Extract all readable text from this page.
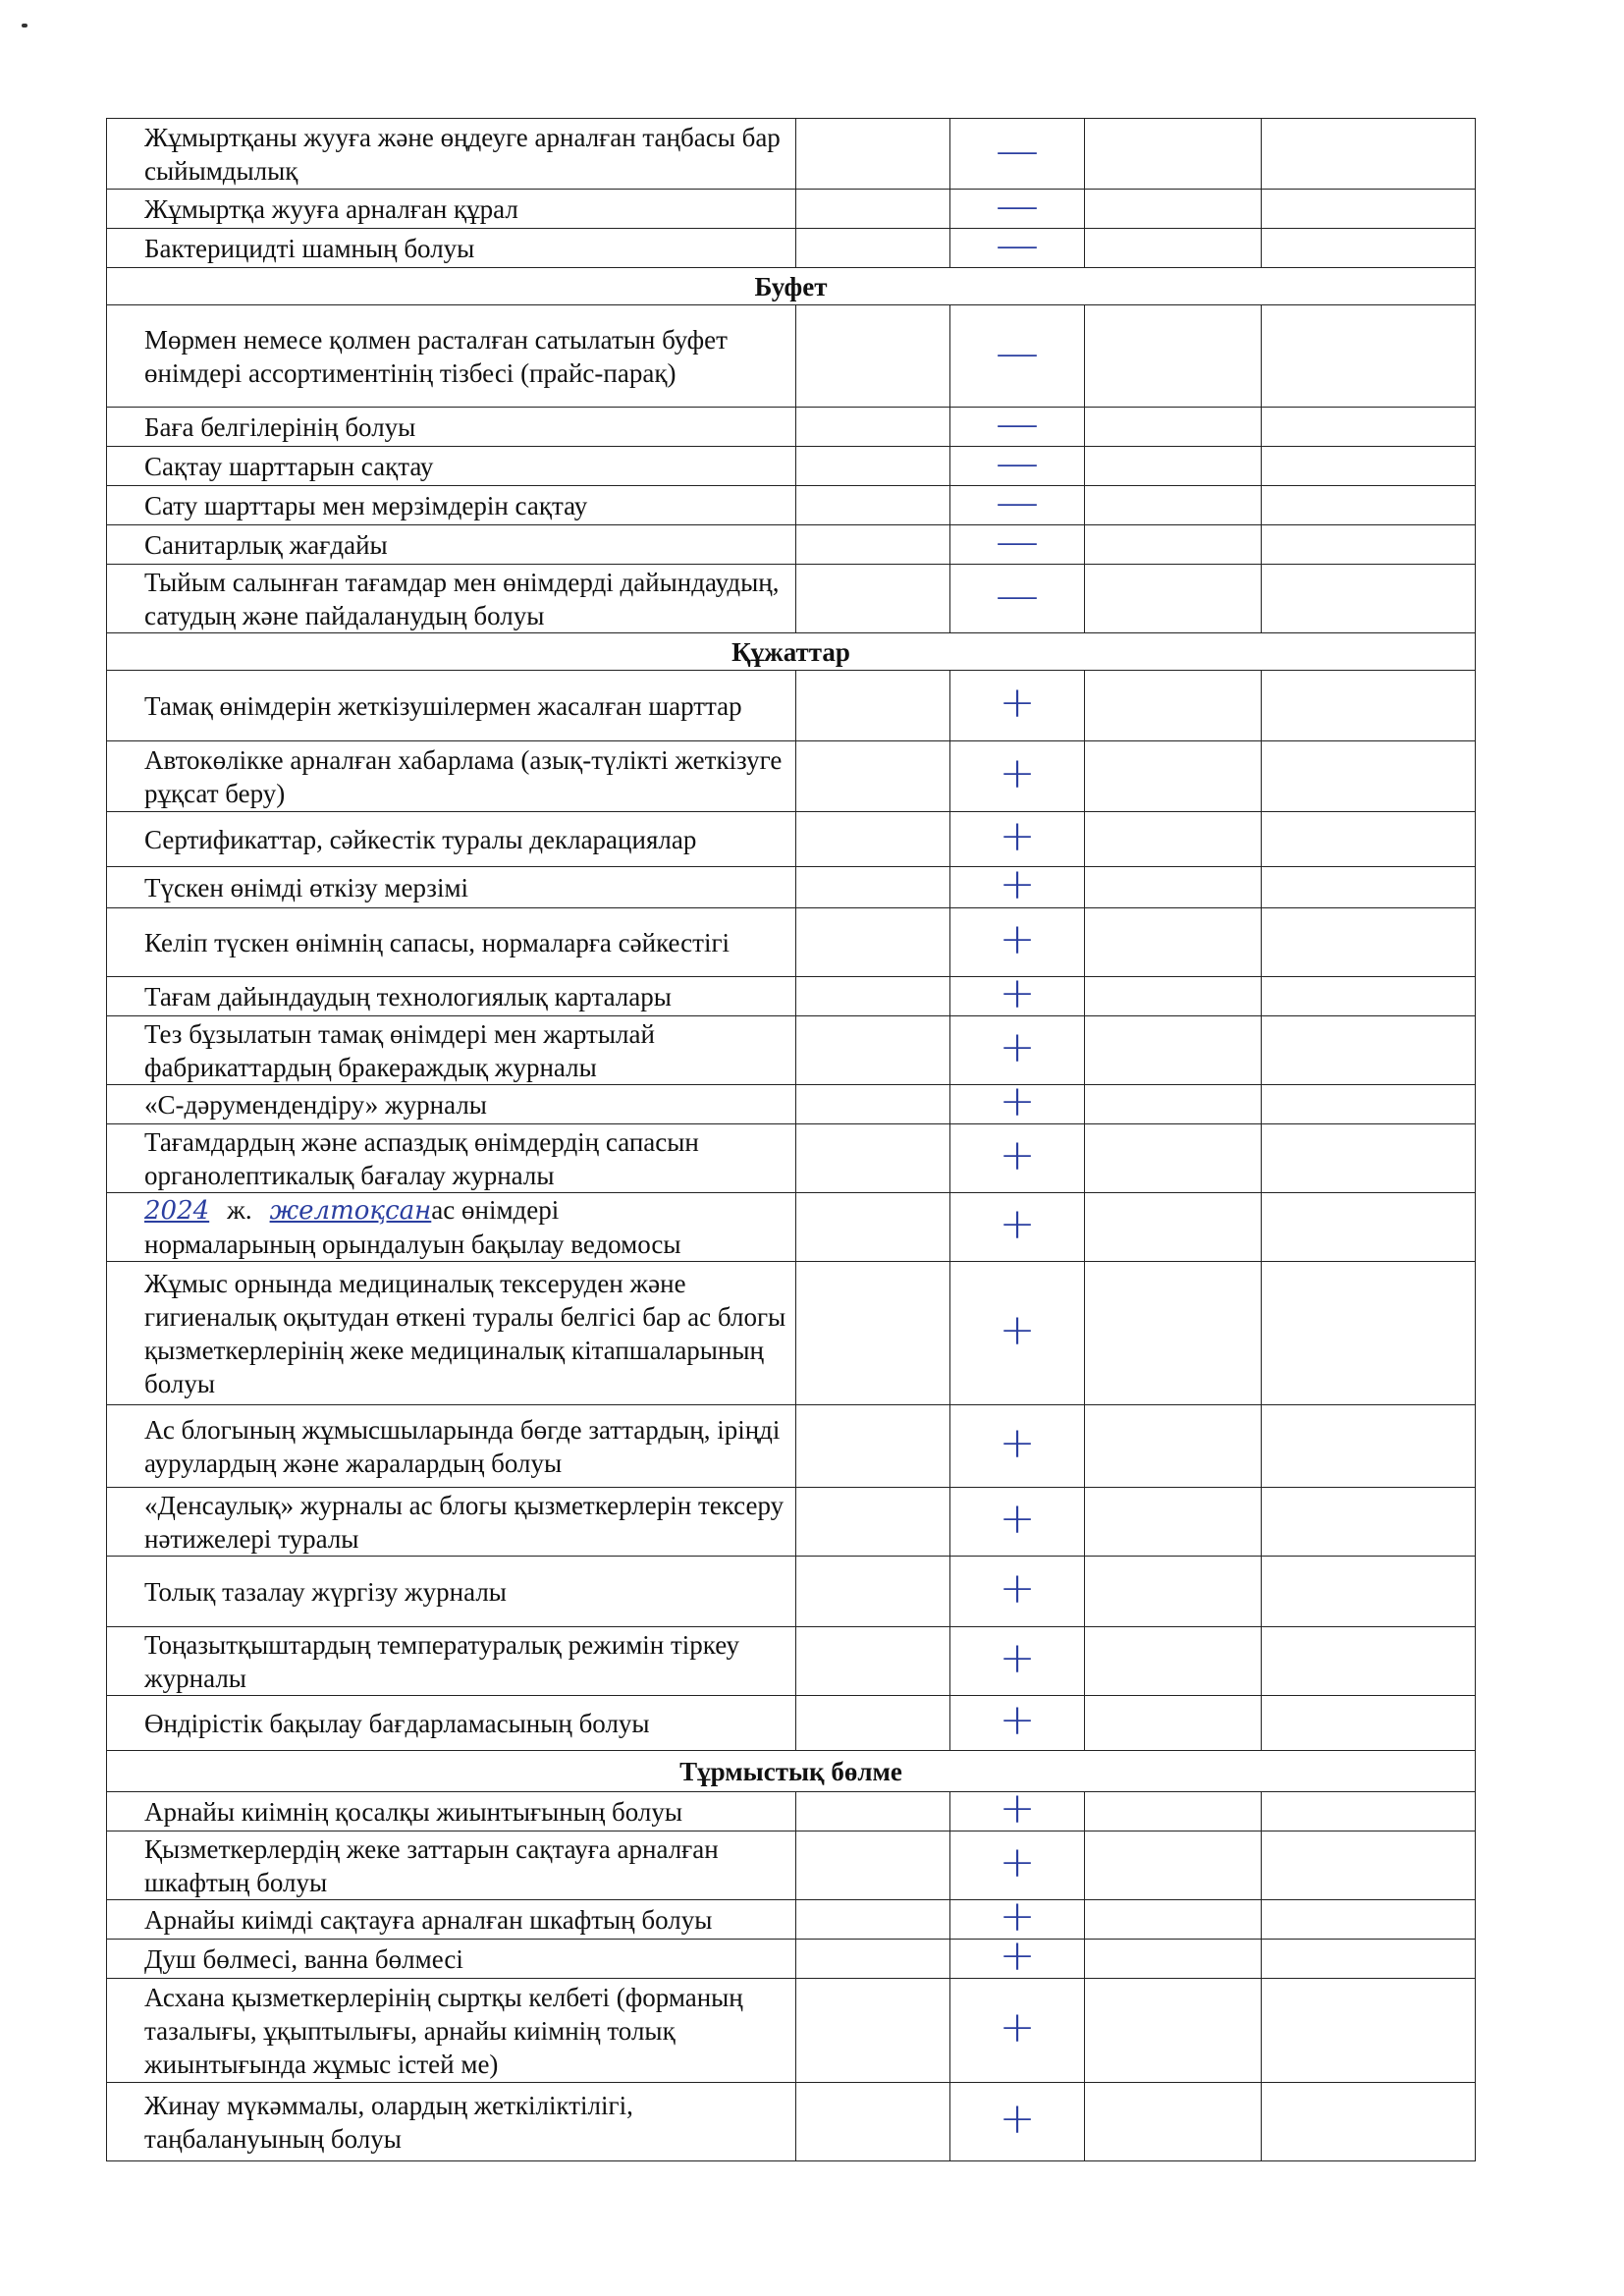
Жұмыртқаны жууға және өңдеуге арналған таңбасы бар сыйымдылық		—		
Жұмыртқа жууға арналған құрал		—		
Бактерицидті шамның болуы		—		
Буфет				
Мөрмен немесе қолмен расталған сатылатын буфет өнімдері ассортиментінің тізбесі (прайс-парақ)		—		
Баға белгілерінің болуы		—		
Сақтау шарттарын сақтау		—		
Сату шарттары мен мерзімдерін сақтау		—		
Санитарлық жағдайы		—		
Тыйым салынған тағамдар мен өнімдерді дайындаудың, сатудың және пайдаланудың болуы		—		
Құжаттар				
Тамақ өнімдерін жеткізушілермен жасалған шарттар		+		
Автокөлікке арналған хабарлама (азық-түлікті жеткізуге рұқсат беру)		+		
Сертификаттар, сәйкестік туралы декларациялар		+		
Түскен өнімді өткізу мерзімі		+		
Келіп түскен өнімнің сапасы, нормаларға сәйкестігі		+		
Тағам дайындаудың технологиялық карталары		+		
Тез бұзылатын тамақ өнімдері мен жартылай фабрикаттардың бракераждық журналы		+		
«С-дәрумендендіру» журналы		+		
Тағамдардың және аспаздық өнімдердің сапасын органолептикалық бағалау журналы		+		

2024 ж. желтоқсанас өнімдері
нормаларының орындалуын бақылау ведомосы		+		
Жұмыс орнында медициналық тексеруден және гигиеналық оқытудан өткені туралы белгісі бар ас блогы қызметкерлерінің жеке медициналық кітапшаларының болуы		+		
Ас блогының жұмысшыларында бөгде заттардың, іріңді аурулардың және жаралардың болуы		+		
«Денсаулық» журналы ас блогы қызметкерлерін тексеру нәтижелері туралы		+		
Толық тазалау жүргізу журналы		+		
Тоңазытқыштардың температуралық режимін тіркеу журналы		+		
Өндірістік бақылау бағдарламасының болуы		+		
Тұрмыстық бөлме				
Арнайы киімнің қосалқы жиынтығының болуы		+		
Қызметкерлердің жеке заттарын сақтауға арналған шкафтың болуы		+		
Арнайы киімді сақтауға арналған шкафтың болуы		+		
Душ бөлмесі, ванна бөлмесі		+		
Асхана қызметкерлерінің сыртқы келбеті (форманың тазалығы, ұқыптылығы, арнайы киімнің толық жиынтығында жұмыс істей ме)		+		
Жинау мүкәммалы, олардың жеткіліктілігі, таңбалануының болуы		+		
